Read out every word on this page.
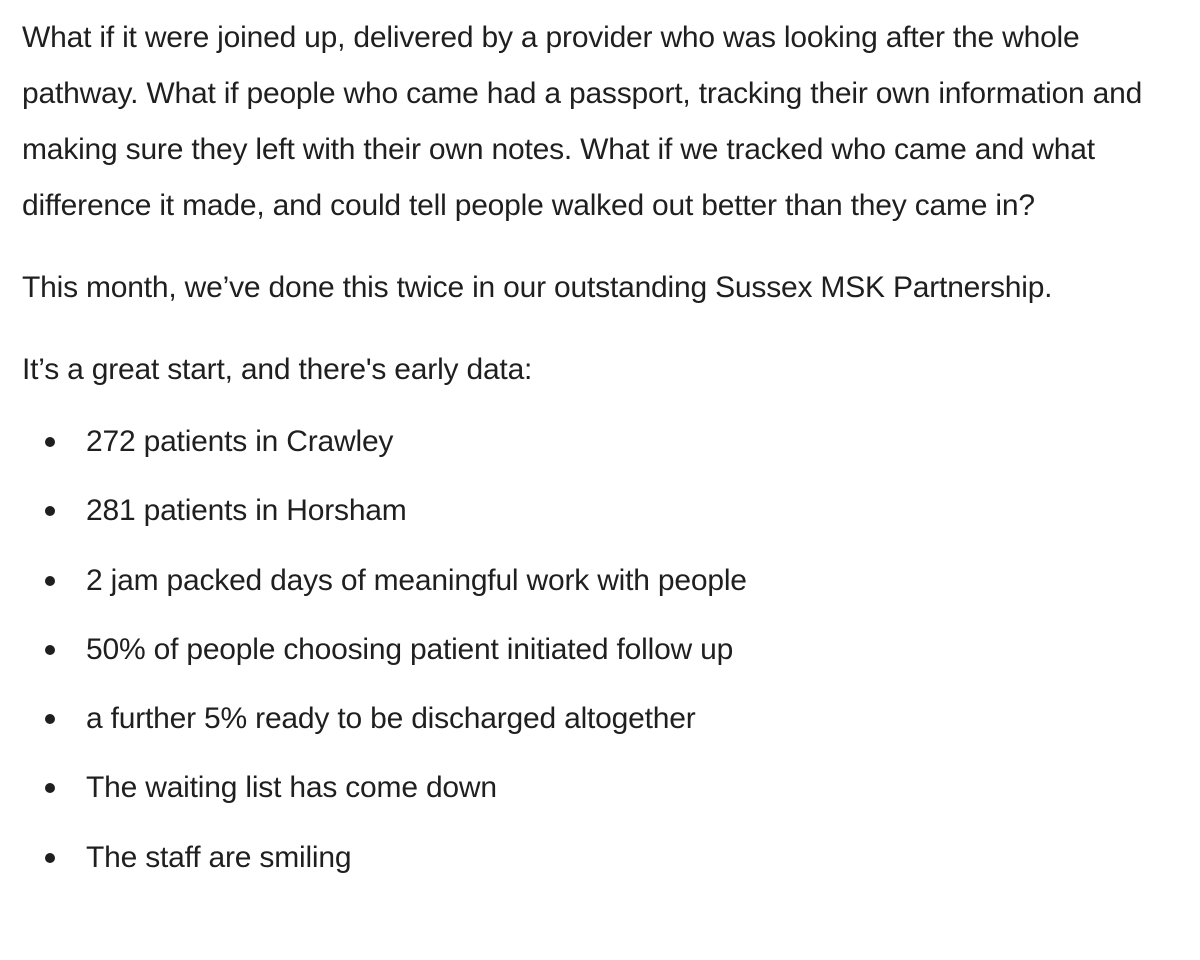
What if it were joined up, delivered by a provider who was looking after the whole pathway. What if people who came had a passport, tracking their own information and making sure they left with their own notes. What if we tracked who came and what difference it made, and could tell people walked out better than they came in?

This month, we’ve done this twice in our outstanding Sussex MSK Partnership.

It’s a great start, and there's early data:

272 patients in Crawley
281 patients in Horsham
2 jam packed days of meaningful work with people
50% of people choosing patient initiated follow up
a further 5% ready to be discharged altogether
The waiting list has come down
The staff are smiling
